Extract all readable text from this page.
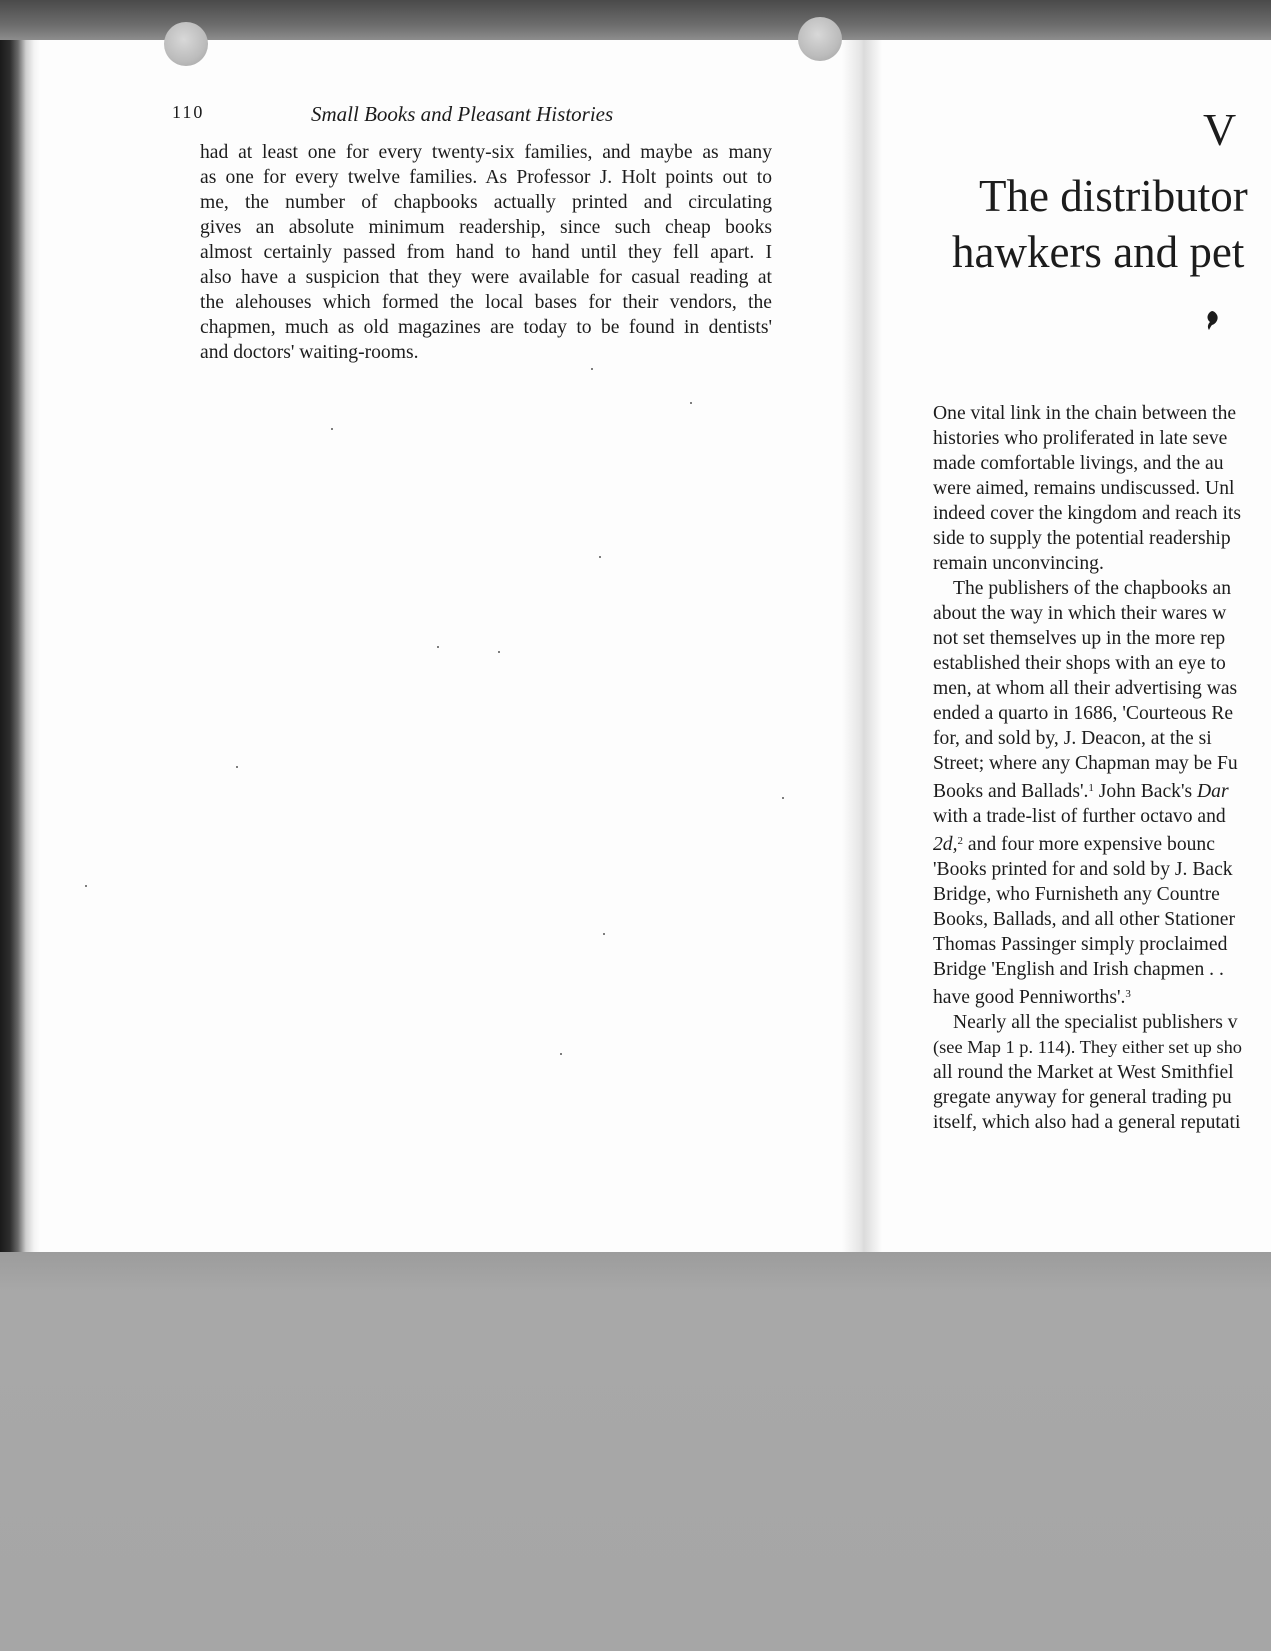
110	Small Books and Pleasant Histories
had at least one for every twenty-six families, and maybe as many
as one for every twelve families. As Professor J. Holt points out to
me, the number of chapbooks actually printed and circulating
gives an absolute minimum readership, since such cheap books
almost certainly passed from hand to hand until they fell apart. I
also have a suspicion that they were available for casual reading at
the alehouses which formed the local bases for their vendors, the
chapmen, much as old magazines are today to be found in dentists'
and doctors' waiting-rooms.
V
The distributor
hawkers and pet
One vital link in the chain between the
histories who proliferated in late seve
made comfortable livings, and the au
were aimed, remains undiscussed. Unl
indeed cover the kingdom and reach its
side to supply the potential readership
remain unconvincing.
The publishers of the chapbooks an
about the way in which their wares w
not set themselves up in the more rep
established their shops with an eye to
men, at whom all their advertising was
ended a quarto in 1686, 'Courteous Re
for, and sold by, J. Deacon, at the si
Street; where any Chapman may be Fu
Books and Ballads'.$^1$ John Back's Dar
with a trade-list of further octavo and
2d,$^2$ and four more expensive bounc
'Books printed for and sold by J. Back
Bridge, who Furnisheth any Countre
Books, Ballads, and all other Stationer
Thomas Passinger simply proclaimed
Bridge 'English and Irish chapmen . .
have good Penniworths'.$^3$
Nearly all the specialist publishers v
(see Map 1 p. 114). They either set up sho
all round the Market at West Smithfiel
gregate anyway for general trading pu
itself, which also had a general reputati
